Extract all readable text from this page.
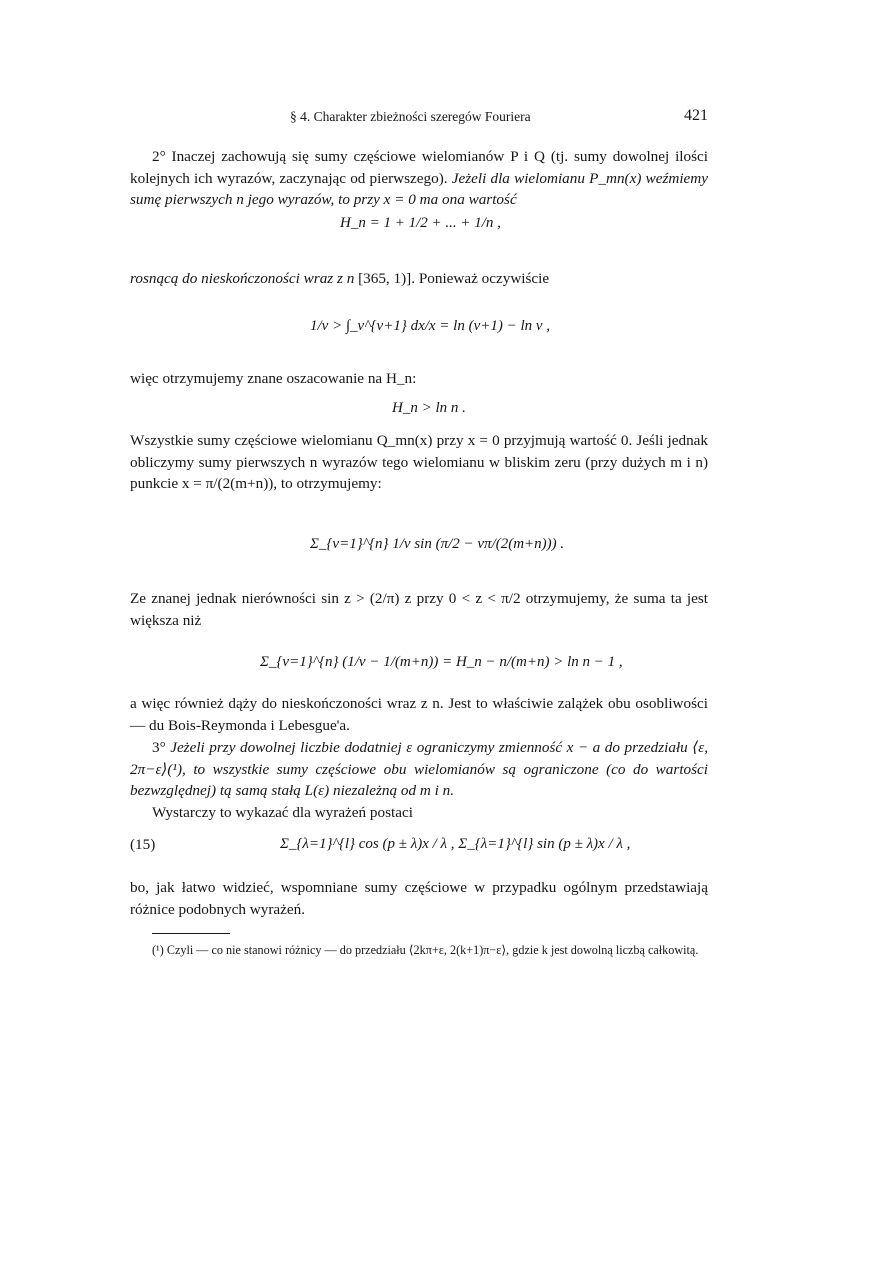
§ 4. Charakter zbieżności szeregów Fouriera	421

2° Inaczej zachowują się sumy częściowe wielomianów P i Q (tj. sumy dowolnej ilości kolejnych ich wyrazów, zaczynając od pierwszego). Jeżeli dla wielomianu P_mn(x) weźmiemy sumę pierwszych n jego wyrazów, to przy x = 0 ma ona wartość

H_n = 1 + 1/2 + ... + 1/n ,

rosnącą do nieskończoności wraz z n [365, 1)]. Ponieważ oczywiście

1/ν > ∫_ν^{ν+1} dx/x = ln (ν+1) − ln ν ,

więc otrzymujemy znane oszacowanie na H_n:

H_n > ln n .

Wszystkie sumy częściowe wielomianu Q_mn(x) przy x = 0 przyjmują wartość 0. Jeśli jednak obliczymy sumy pierwszych n wyrazów tego wielomianu w bliskim zeru (przy dużych m i n) punkcie x = π/(2(m+n)), to otrzymujemy:

Σ_{ν=1}^{n} 1/ν sin (π/2 − νπ/(2(m+n))) .

Ze znanej jednak nierówności sin z > (2/π) z przy 0 < z < π/2 otrzymujemy, że suma ta jest większa niż

Σ_{ν=1}^{n} (1/ν − 1/(m+n)) = H_n − n/(m+n) > ln n − 1 ,

a więc również dąży do nieskończoności wraz z n. Jest to właściwie zalążek obu osobliwości — du Bois-Reymonda i Lebesgue'a.

3° Jeżeli przy dowolnej liczbie dodatniej ε ograniczymy zmienność x − a do przedziału ⟨ε, 2π−ε⟩(¹), to wszystkie sumy częściowe obu wielomianów są ograniczone (co do wartości bezwzględnej) tą samą stałą L(ε) niezależną od m i n.

Wystarczy to wykazać dla wyrażeń postaci

(15)	Σ_{λ=1}^{l} cos (p ± λ)x / λ , Σ_{λ=1}^{l} sin (p ± λ)x / λ ,

bo, jak łatwo widzieć, wspomniane sumy częściowe w przypadku ogólnym przedstawiają różnice podobnych wyrażeń.

(¹) Czyli — co nie stanowi różnicy — do przedziału ⟨2kπ+ε, 2(k+1)π−ε⟩, gdzie k jest dowolną liczbą całkowitą.
